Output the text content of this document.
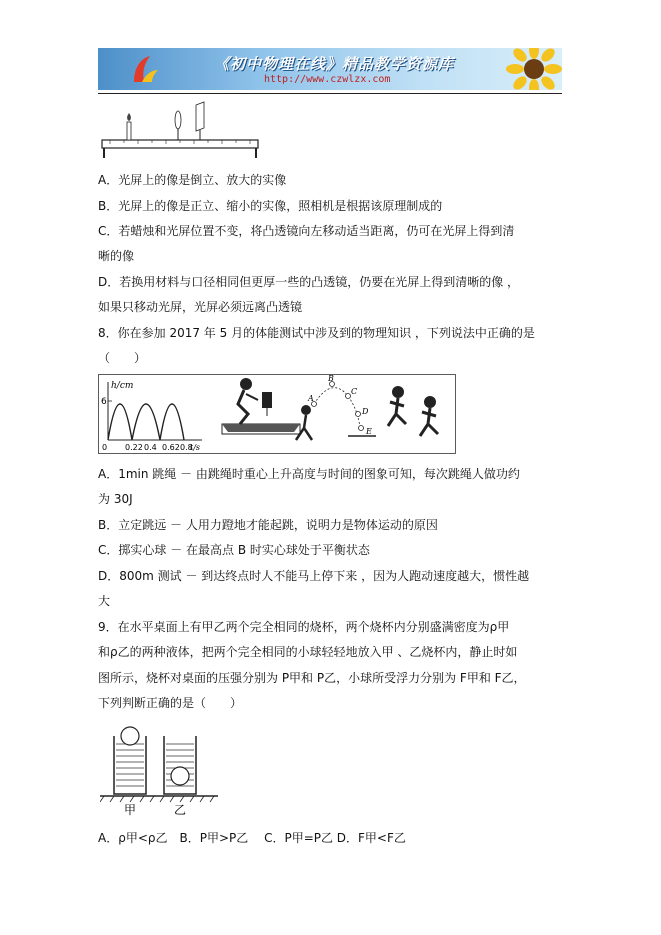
《初中物理在线》精品教学资源库
http://www.czwlzx.com
A．光屏上的像是倒立、放大的实像
B．光屏上的像是正立、缩小的实像，照相机是根据该原理制成的
C．若蜡烛和光屏位置不变，将凸透镜向左移动适当距离，仍可在光屏上得到清
晰的像
D．若换用材料与口径相同但更厚一些的凸透镜，仍要在光屏上得到清晰的像 ，
如果只移动光屏，光屏必须远离凸透镜
8．你在参加 2017 年 5 月的体能测试中涉及到的物理知识 ，下列说法中正确的是
（　　）
h/cm
6
0 0.22 0.4 0.62 0.8
t/s
A
B
C
D
E
A．1min 跳绳 － 由跳绳时重心上升高度与时间的图象可知，每次跳绳人做功约
为 30J
B．立定跳远 － 人用力蹬地才能起跳，说明力是物体运动的原因
C．掷实心球 － 在最高点 B 时实心球处于平衡状态
D．800m 测试 － 到达终点时人不能马上停下来 ，因为人跑动速度越大，惯性越
大
9．在水平桌面上有甲乙两个完全相同的烧杯，两个烧杯内分别盛满密度为ρ甲
和ρ乙的两种液体，把两个完全相同的小球轻轻地放入甲 、乙烧杯内，静止时如
图所示，烧杯对桌面的压强分别为 P甲和 P乙，小球所受浮力分别为 F甲和 F乙，
下列判断正确的是（　　）
甲	乙
A．ρ甲<ρ乙　B．P甲>P乙　 C．P甲=P乙 D．F甲<F乙
